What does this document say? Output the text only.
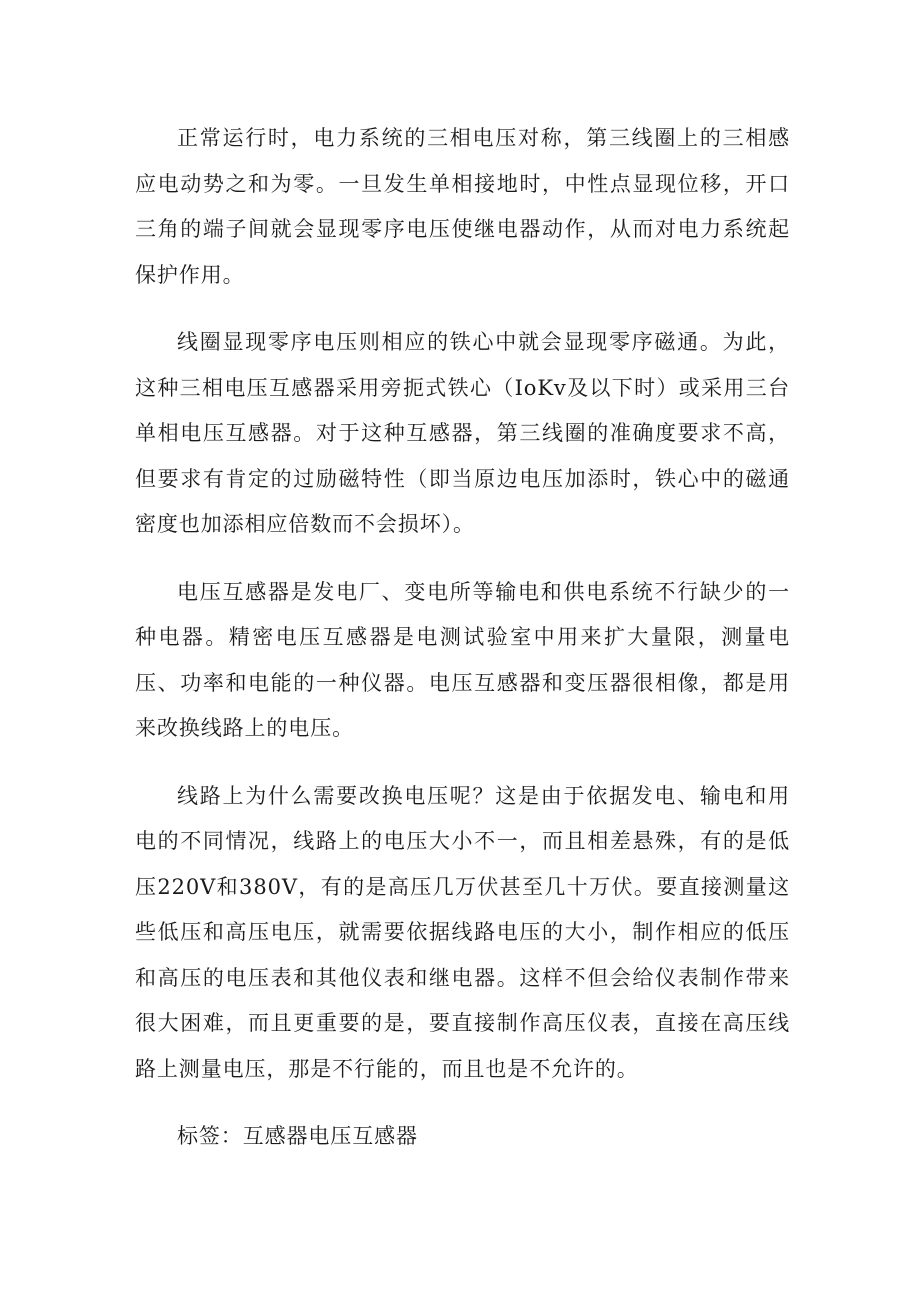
正常运行时，电力系统的三相电压对称，第三线圈上的三相感应电动势之和为零。一旦发生单相接地时，中性点显现位移，开口三角的端子间就会显现零序电压使继电器动作，从而对电力系统起保护作用。

线圈显现零序电压则相应的铁心中就会显现零序磁通。为此，这种三相电压互感器采用旁扼式铁心（IoKv及以下时）或采用三台单相电压互感器。对于这种互感器，第三线圈的准确度要求不高，但要求有肯定的过励磁特性（即当原边电压加添时，铁心中的磁通密度也加添相应倍数而不会损坏）。

电压互感器是发电厂、变电所等输电和供电系统不行缺少的一种电器。精密电压互感器是电测试验室中用来扩大量限，测量电压、功率和电能的一种仪器。电压互感器和变压器很相像，都是用来改换线路上的电压。

线路上为什么需要改换电压呢？这是由于依据发电、输电和用电的不同情况，线路上的电压大小不一，而且相差悬殊，有的是低压220V和380V，有的是高压几万伏甚至几十万伏。要直接测量这些低压和高压电压，就需要依据线路电压的大小，制作相应的低压和高压的电压表和其他仪表和继电器。这样不但会给仪表制作带来很大困难，而且更重要的是，要直接制作高压仪表，直接在高压线路上测量电压，那是不行能的，而且也是不允许的。

标签：互感器电压互感器
